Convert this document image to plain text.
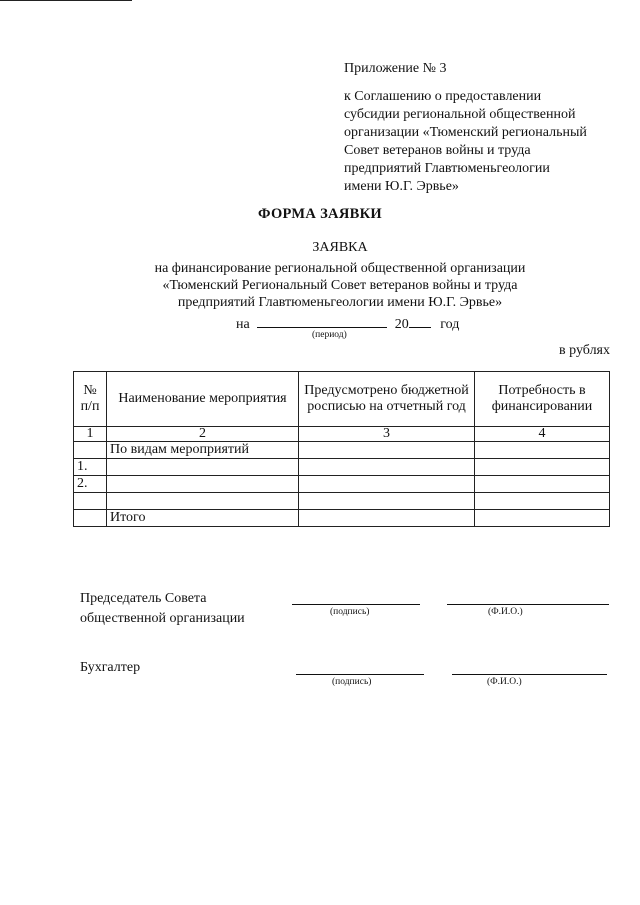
Приложение № 3
к Соглашению о предоставлении
субсидии региональной общественной
организации «Тюменский региональный
Совет ветеранов войны и труда
предприятий Главтюменьгеологии
имени Ю.Г. Эрвье»
ФОРМА ЗАЯВКИ
ЗАЯВКА
на финансирование региональной общественной организации
«Тюменский Региональный Совет ветеранов войны и труда
предприятий Главтюменьгеологии имени Ю.Г. Эрвье»
на	20 год
(период)
в рублях
№ п/п	Наименование мероприятия	Предусмотрено бюджетной росписью на отчетный год	Потребность в финансировании
1	2	3	4
	По видам мероприятий		
1.			
2.			

	Итого		
Председатель Совета
общественной организации	(подпись)	(Ф.И.О.)
Бухгалтер
(подпись)	(Ф.И.О.)
